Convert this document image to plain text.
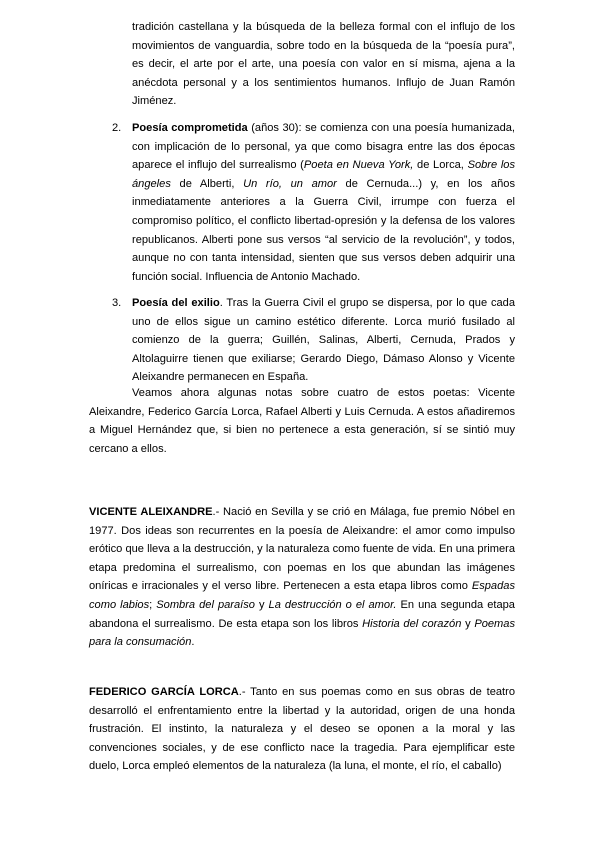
tradición castellana y la búsqueda de la belleza formal con el influjo de los movimientos de vanguardia, sobre todo en la búsqueda de la “poesía pura”, es decir, el arte por el arte, una poesía con valor en sí misma, ajena a la anécdota personal y a los sentimientos humanos. Influjo de Juan Ramón Jiménez.

2. Poesía comprometida (años 30): se comienza con una poesía humanizada, con implicación de lo personal, ya que como bisagra entre las dos épocas aparece el influjo del surrealismo (Poeta en Nueva York, de Lorca, Sobre los ángeles de Alberti, Un río, un amor de Cernuda...) y, en los años inmediatamente anteriores a la Guerra Civil, irrumpe con fuerza el compromiso político, el conflicto libertad-opresión y la defensa de los valores republicanos. Alberti pone sus versos “al servicio de la revolución”, y todos, aunque no con tanta intensidad, sienten que sus versos deben adquirir una función social. Influencia de Antonio Machado.
3. Poesía del exilio. Tras la Guerra Civil el grupo se dispersa, por lo que cada uno de ellos sigue un camino estético diferente. Lorca murió fusilado al comienzo de la guerra; Guillén, Salinas, Alberti, Cernuda, Prados y Altolaguirre tienen que exiliarse; Gerardo Diego, Dámaso Alonso y Vicente Aleixandre permanecen en España.

Veamos ahora algunas notas sobre cuatro de estos poetas: Vicente Aleixandre, Federico García Lorca, Rafael Alberti y Luis Cernuda. A estos añadiremos a Miguel Hernández que, si bien no pertenece a esta generación, sí se sintió muy cercano a ellos.

VICENTE ALEIXANDRE.- Nació en Sevilla y se crió en Málaga, fue premio Nóbel en 1977. Dos ideas son recurrentes en la poesía de Aleixandre: el amor como impulso erótico que lleva a la destrucción, y la naturaleza como fuente de vida. En una primera etapa predomina el surrealismo, con poemas en los que abundan las imágenes oníricas e irracionales y el verso libre. Pertenecen a esta etapa libros como Espadas como labios; Sombra del paraíso y La destrucción o el amor. En una segunda etapa abandona el surrealismo. De esta etapa son los libros Historia del corazón y Poemas para la consumación.

FEDERICO GARCÍA LORCA.- Tanto en sus poemas como en sus obras de teatro desarrolló el enfrentamiento entre la libertad y la autoridad, origen de una honda frustración. El instinto, la naturaleza y el deseo se oponen a la moral y las convenciones sociales, y de ese conflicto nace la tragedia. Para ejemplificar este duelo, Lorca empleó elementos de la naturaleza (la luna, el monte, el río, el caballo)
